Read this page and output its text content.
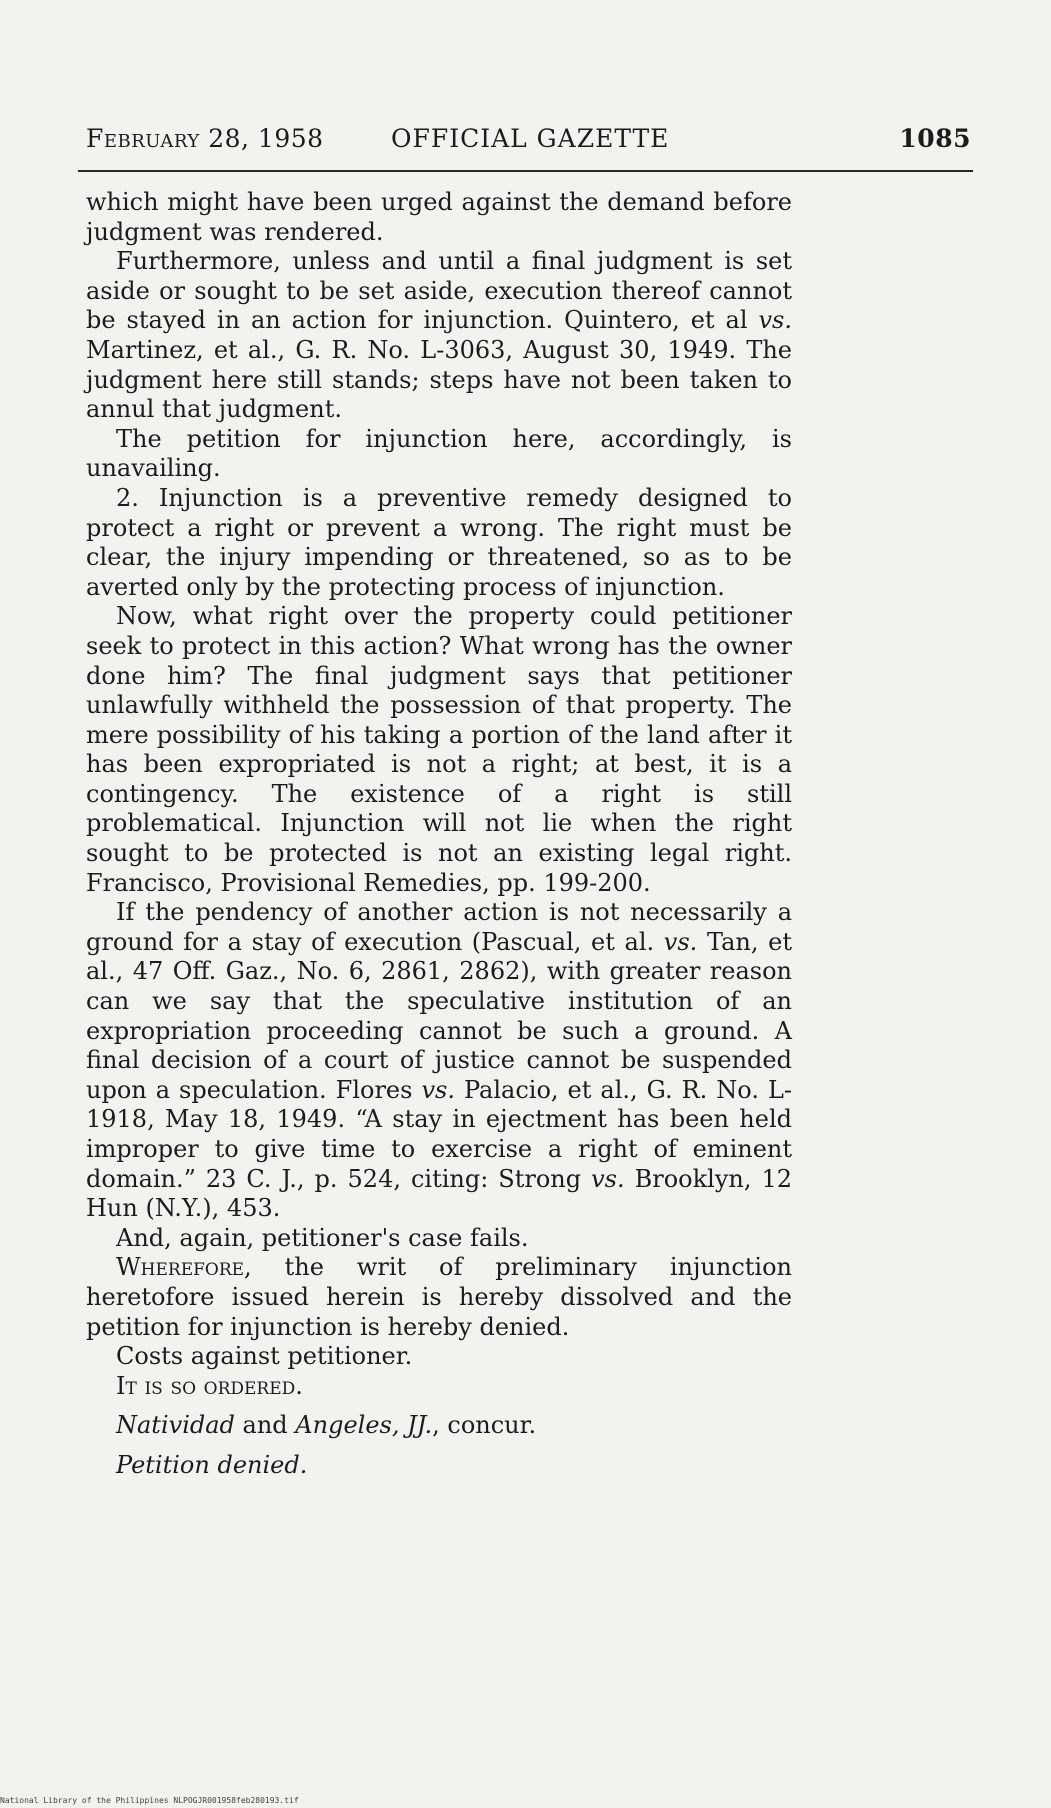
February 28, 1958	OFFICIAL GAZETTE	1085

which might have been urged against the demand before judgment was rendered.

Furthermore, unless and until a final judgment is set aside or sought to be set aside, execution thereof cannot be stayed in an action for injunction. Quintero, et al vs. Martinez, et al., G. R. No. L-3063, August 30, 1949. The judgment here still stands; steps have not been taken to annul that judgment.

The petition for injunction here, accordingly, is unavailing.

2. Injunction is a preventive remedy designed to protect a right or prevent a wrong. The right must be clear, the injury impending or threatened, so as to be averted only by the protecting process of injunction.

Now, what right over the property could petitioner seek to protect in this action? What wrong has the owner done him? The final judgment says that petitioner unlawfully withheld the possession of that property. The mere possibility of his taking a portion of the land after it has been expropriated is not a right; at best, it is a contingency. The existence of a right is still problematical. Injunction will not lie when the right sought to be protected is not an existing legal right. Francisco, Provisional Remedies, pp. 199-200.

If the pendency of another action is not necessarily a ground for a stay of execution (Pascual, et al. vs. Tan, et al., 47 Off. Gaz., No. 6, 2861, 2862), with greater reason can we say that the speculative institution of an expropriation proceeding cannot be such a ground. A final decision of a court of justice cannot be suspended upon a speculation. Flores vs. Palacio, et al., G. R. No. L-1918, May 18, 1949. “A stay in ejectment has been held improper to give time to exercise a right of eminent domain.” 23 C. J., p. 524, citing: Strong vs. Brooklyn, 12 Hun (N.Y.), 453.

And, again, petitioner's case fails.

Wherefore, the writ of preliminary injunction heretofore issued herein is hereby dissolved and the petition for injunction is hereby denied.

Costs against petitioner.

It is so ordered.

Natividad and Angeles, JJ., concur.

Petition denied.

National Library of the Philippines NLPOGJR001958feb280193.tif
